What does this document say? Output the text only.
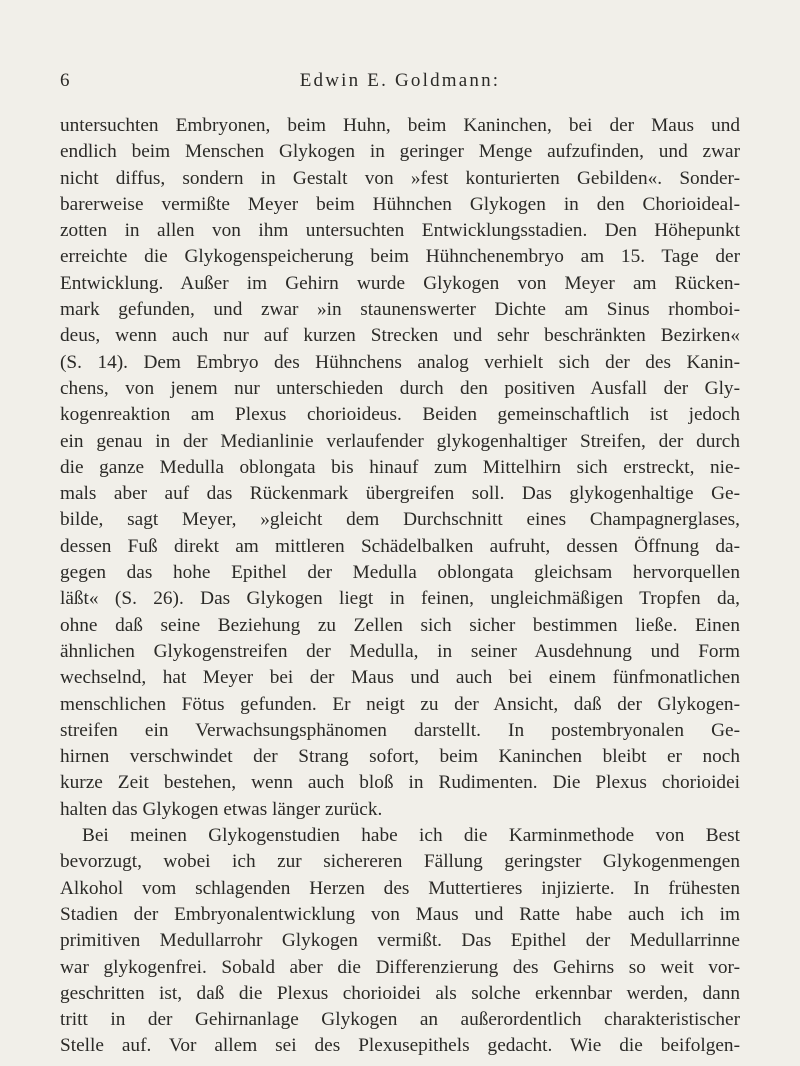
6	Edwin E. Goldmann:
untersuchten Embryonen, beim Huhn, beim Kaninchen, bei der Maus und
endlich beim Menschen Glykogen in geringer Menge aufzufinden, und zwar
nicht diffus, sondern in Gestalt von »fest konturierten Gebilden«. Sonder-
barerweise vermißte Meyer beim Hühnchen Glykogen in den Chorioideal-
zotten in allen von ihm untersuchten Entwicklungsstadien. Den Höhepunkt
erreichte die Glykogenspeicherung beim Hühnchenembryo am 15. Tage der
Entwicklung. Außer im Gehirn wurde Glykogen von Meyer am Rücken-
mark gefunden, und zwar »in staunenswerter Dichte am Sinus rhomboi-
deus, wenn auch nur auf kurzen Strecken und sehr beschränkten Bezirken«
(S. 14). Dem Embryo des Hühnchens analog verhielt sich der des Kanin-
chens, von jenem nur unterschieden durch den positiven Ausfall der Gly-
kogenreaktion am Plexus chorioideus. Beiden gemeinschaftlich ist jedoch
ein genau in der Medianlinie verlaufender glykogenhaltiger Streifen, der durch
die ganze Medulla oblongata bis hinauf zum Mittelhirn sich erstreckt, nie-
mals aber auf das Rückenmark übergreifen soll. Das glykogenhaltige Ge-
bilde, sagt Meyer, »gleicht dem Durchschnitt eines Champagnerglases,
dessen Fuß direkt am mittleren Schädelbalken aufruht, dessen Öffnung da-
gegen das hohe Epithel der Medulla oblongata gleichsam hervorquellen
läßt« (S. 26). Das Glykogen liegt in feinen, ungleichmäßigen Tropfen da,
ohne daß seine Beziehung zu Zellen sich sicher bestimmen ließe. Einen
ähnlichen Glykogenstreifen der Medulla, in seiner Ausdehnung und Form
wechselnd, hat Meyer bei der Maus und auch bei einem fünfmonatlichen
menschlichen Fötus gefunden. Er neigt zu der Ansicht, daß der Glykogen-
streifen ein Verwachsungsphänomen darstellt. In postembryonalen Ge-
hirnen verschwindet der Strang sofort, beim Kaninchen bleibt er noch
kurze Zeit bestehen, wenn auch bloß in Rudimenten. Die Plexus chorioidei
halten das Glykogen etwas länger zurück.
Bei meinen Glykogenstudien habe ich die Karminmethode von Best
bevorzugt, wobei ich zur sichereren Fällung geringster Glykogenmengen
Alkohol vom schlagenden Herzen des Muttertieres injizierte. In frühesten
Stadien der Embryonalentwicklung von Maus und Ratte habe auch ich im
primitiven Medullarrohr Glykogen vermißt. Das Epithel der Medullarrinne
war glykogenfrei. Sobald aber die Differenzierung des Gehirns so weit vor-
geschritten ist, daß die Plexus chorioidei als solche erkennbar werden, dann
tritt in der Gehirnanlage Glykogen an außerordentlich charakteristischer
Stelle auf. Vor allem sei des Plexusepithels gedacht. Wie die beifolgen-
